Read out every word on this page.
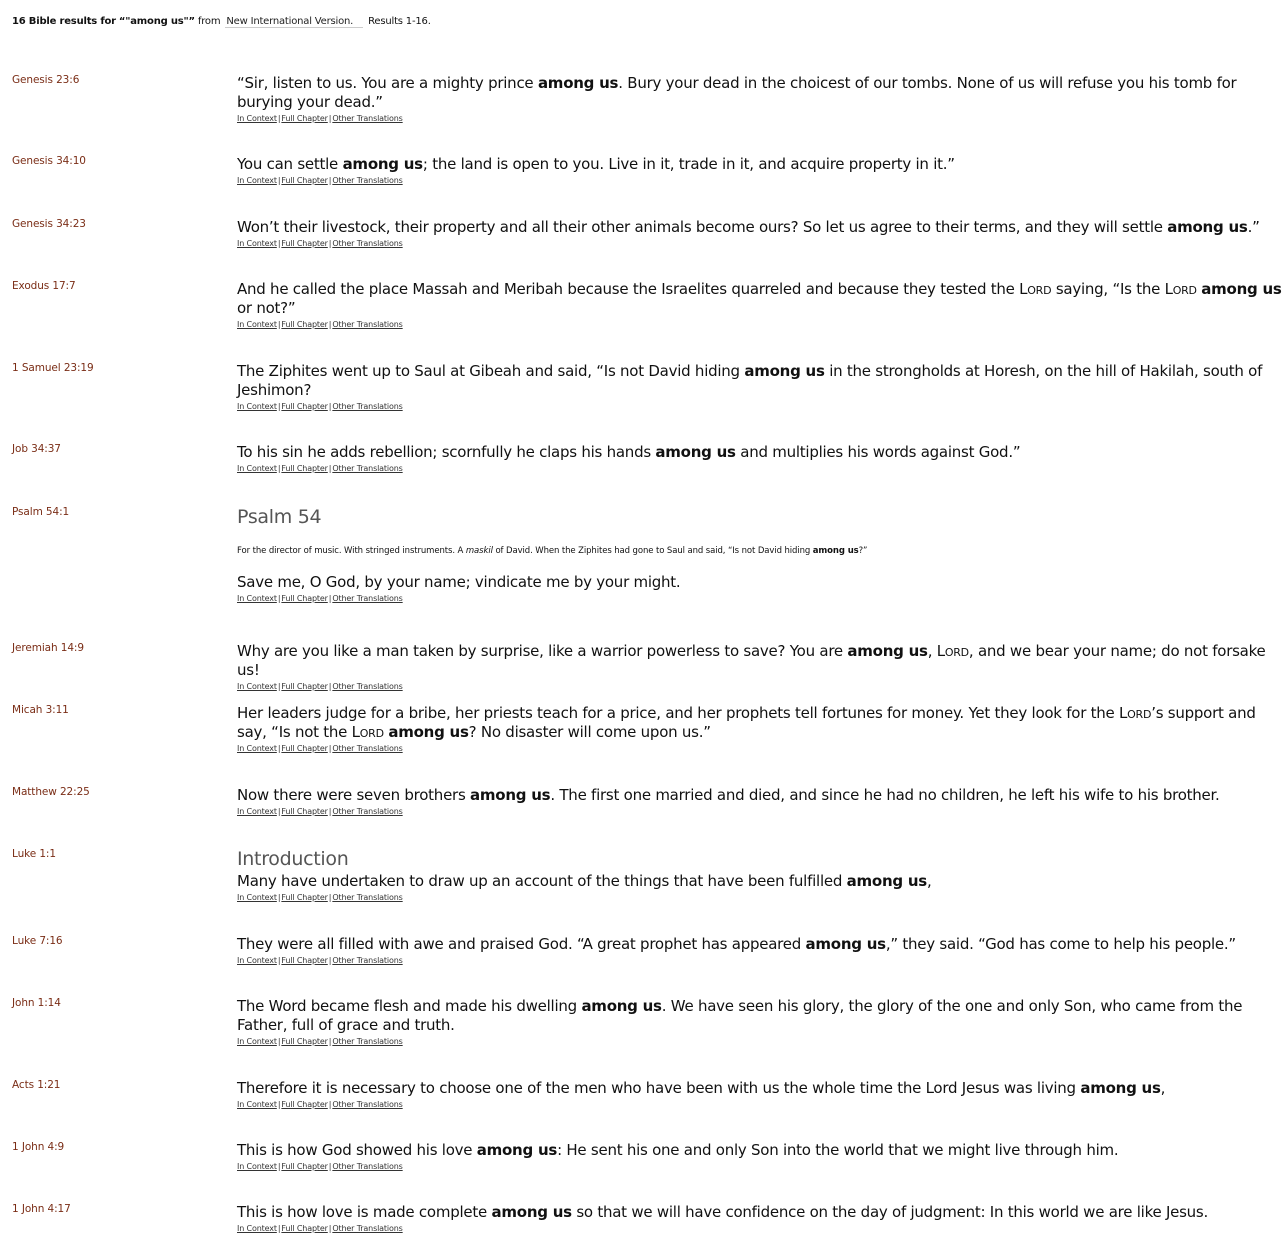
16 Bible results for “"among us"” from New International Version. Results 1-16.
Genesis 23:6	“Sir, listen to us. You are a mighty prince among us. Bury your dead in the choicest of our tombs. None of us will refuse you his tomb for burying your dead.”
In Context|Full Chapter|Other Translations
Genesis 34:10	You can settle among us; the land is open to you. Live in it, trade in it, and acquire property in it.”
In Context|Full Chapter|Other Translations
Genesis 34:23	Won’t their livestock, their property and all their other animals become ours? So let us agree to their terms, and they will settle among us.”
In Context|Full Chapter|Other Translations
Exodus 17:7	And he called the place Massah and Meribah because the Israelites quarreled and because they tested the Lord saying, “Is the Lord among us or not?”
In Context|Full Chapter|Other Translations
1 Samuel 23:19	The Ziphites went up to Saul at Gibeah and said, “Is not David hiding among us in the strongholds at Horesh, on the hill of Hakilah, south of Jeshimon?
In Context|Full Chapter|Other Translations
Job 34:37	To his sin he adds rebellion; scornfully he claps his hands among us and multiplies his words against God.”
In Context|Full Chapter|Other Translations
Psalm 54:1	Psalm 54
For the director of music. With stringed instruments. A maskil of David. When the Ziphites had gone to Saul and said, “Is not David hiding among us?”
Save me, O God, by your name; vindicate me by your might.
In Context|Full Chapter|Other Translations
Jeremiah 14:9	Why are you like a man taken by surprise, like a warrior powerless to save? You are among us, Lord, and we bear your name; do not forsake us!
In Context|Full Chapter|Other Translations
Micah 3:11	Her leaders judge for a bribe, her priests teach for a price, and her prophets tell fortunes for money. Yet they look for the Lord’s support and say, “Is not the Lord among us? No disaster will come upon us.”
In Context|Full Chapter|Other Translations
Matthew 22:25	Now there were seven brothers among us. The first one married and died, and since he had no children, he left his wife to his brother.
In Context|Full Chapter|Other Translations
Luke 1:1	Introduction
Many have undertaken to draw up an account of the things that have been fulfilled among us,
In Context|Full Chapter|Other Translations
Luke 7:16	They were all filled with awe and praised God. “A great prophet has appeared among us,” they said. “God has come to help his people.”
In Context|Full Chapter|Other Translations
John 1:14	The Word became flesh and made his dwelling among us. We have seen his glory, the glory of the one and only Son, who came from the Father, full of grace and truth.
In Context|Full Chapter|Other Translations
Acts 1:21	Therefore it is necessary to choose one of the men who have been with us the whole time the Lord Jesus was living among us,
In Context|Full Chapter|Other Translations
1 John 4:9	This is how God showed his love among us: He sent his one and only Son into the world that we might live through him.
In Context|Full Chapter|Other Translations
1 John 4:17	This is how love is made complete among us so that we will have confidence on the day of judgment: In this world we are like Jesus.
In Context|Full Chapter|Other Translations
